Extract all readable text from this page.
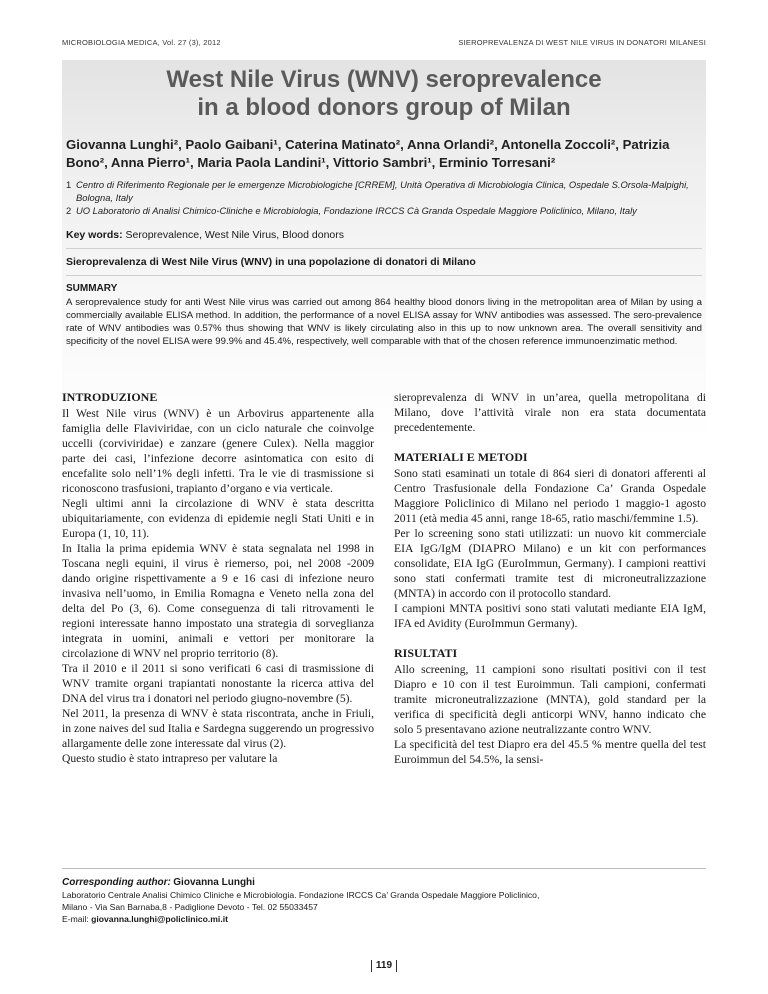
MICROBIOLOGIA MEDICA, Vol. 27 (3), 2012	SIEROPREVALENZA DI WEST NILE VIRUS IN DONATORI MILANESI
West Nile Virus (WNV) seroprevalence
in a blood donors group of Milan
Giovanna Lunghi², Paolo Gaibani¹, Caterina Matinato², Anna Orlandi², Antonella Zoccoli², Patrizia Bono², Anna Pierro¹, Maria Paola Landini¹, Vittorio Sambri¹, Erminio Torresani²
1 Centro di Riferimento Regionale per le emergenze Microbiologiche [CRREM], Unità Operativa di Microbiologia Clinica, Ospedale S.Orsola-Malpighi, Bologna, Italy
2 UO Laboratorio di Analisi Chimico-Cliniche e Microbiologia, Fondazione IRCCS Cà Granda Ospedale Maggiore Policlinico, Milano, Italy
Key words: Seroprevalence, West Nile Virus, Blood donors
Sieroprevalenza di West Nile Virus (WNV) in una popolazione di donatori di Milano
SUMMARY
A seroprevalence study for anti West Nile virus was carried out among 864 healthy blood donors living in the metropolitan area of Milan by using a commercially available ELISA method. In addition, the performance of a novel ELISA assay for WNV antibodies was assessed. The sero-prevalence rate of WNV antibodies was 0.57% thus showing that WNV is likely circulating also in this up to now unknown area. The overall sensitivity and specificity of the novel ELISA were 99.9% and 45.4%, respectively, well comparable with that of the chosen reference immunoenzimatic method.
INTRODUZIONE

Il West Nile virus (WNV) è un Arbovirus appartenente alla famiglia delle Flaviviridae, con un ciclo naturale che coinvolge uccelli (corviviridae) e zanzare (genere Culex). Nella maggior parte dei casi, l’infezione decorre asintomatica con esito di encefalite solo nell’1% degli infetti. Tra le vie di trasmissione si riconoscono trasfusioni, trapianto d’organo e via verticale.

Negli ultimi anni la circolazione di WNV è stata descritta ubiquitariamente, con evidenza di epidemie negli Stati Uniti e in Europa (1, 10, 11).

In Italia la prima epidemia WNV è stata segnalata nel 1998 in Toscana negli equini, il virus è riemerso, poi, nel 2008 -2009 dando origine rispettivamente a 9 e 16 casi di infezione neuro invasiva nell’uomo, in Emilia Romagna e Veneto nella zona del delta del Po (3, 6). Come conseguenza di tali ritrovamenti le regioni interessate hanno impostato una strategia di sorveglianza integrata in uomini, animali e vettori per monitorare la circolazione di WNV nel proprio territorio (8).

Tra il 2010 e il 2011 si sono verificati 6 casi di trasmissione di WNV tramite organi trapiantati nonostante la ricerca attiva del DNA del virus tra i donatori nel periodo giugno-novembre (5).

Nel 2011, la presenza di WNV è stata riscontrata, anche in Friuli, in zone naives del sud Italia e Sardegna suggerendo un progressivo allargamente delle zone interessate dal virus (2).

Questo studio è stato intrapreso per valutare la

sieroprevalenza di WNV in un’area, quella metropolitana di Milano, dove l’attività virale non era stata documentata precedentemente.

MATERIALI E METODI

Sono stati esaminati un totale di 864 sieri di donatori afferenti al Centro Trasfusionale della Fondazione Ca’ Granda Ospedale Maggiore Policlinico di Milano nel periodo 1 maggio-1 agosto 2011 (età media 45 anni, range 18-65, ratio maschi/femmine 1.5).

Per lo screening sono stati utilizzati: un nuovo kit commerciale EIA IgG/IgM (DIAPRO Milano) e un kit con performances consolidate, EIA IgG (EuroImmun, Germany). I campioni reattivi sono stati confermati tramite test di microneutralizzazione (MNTA) in accordo con il protocollo standard.

I campioni MNTA positivi sono stati valutati mediante EIA IgM, IFA ed Avidity (EuroImmun Germany).

RISULTATI

Allo screening, 11 campioni sono risultati positivi con il test Diapro e 10 con il test Euroimmun. Tali campioni, confermati tramite microneutralizzazione (MNTA), gold standard per la verifica di specificità degli anticorpi WNV, hanno indicato che solo 5 presentavano azione neutralizzante contro WNV.

La specificità del test Diapro era del 45.5 % mentre quella del test Euroimmun del 54.5%, la sensi-

Corresponding author: Giovanna Lunghi
Laboratorio Centrale Analisi Chimico Cliniche e Microbiologia. Fondazione IRCCS Ca’ Granda Ospedale Maggiore Policlinico,
Milano - Via San Barnaba,8 - Padiglione Devoto - Tel. 02 55033457
E-mail: giovanna.lunghi@policlinico.mi.it
119
